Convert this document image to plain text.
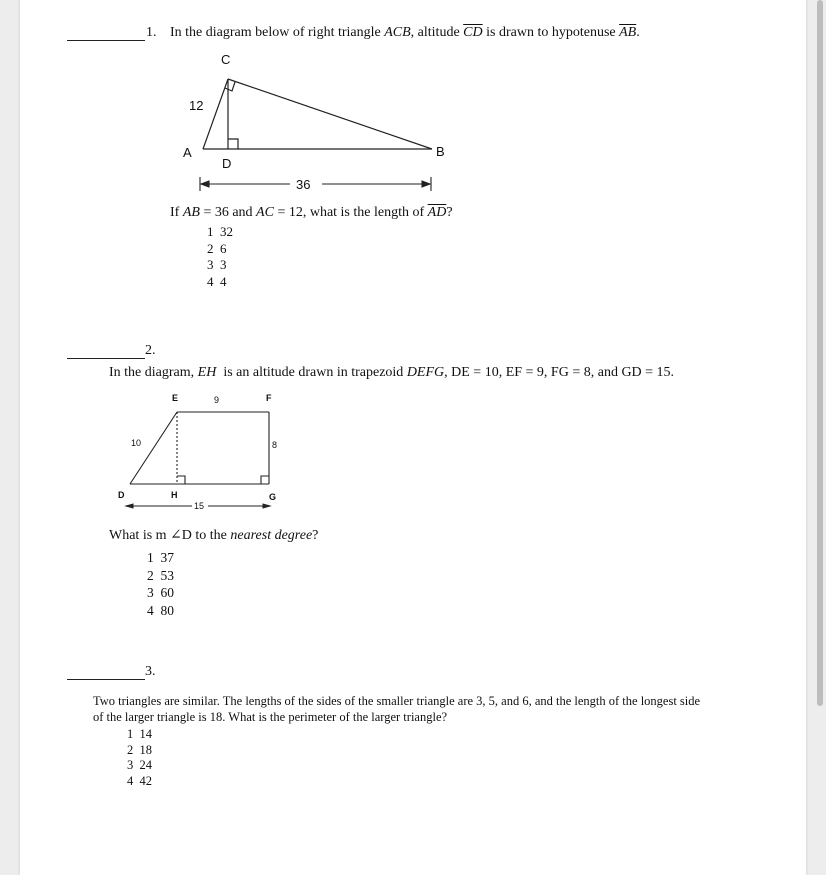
1. In the diagram below of right triangle ACB, altitude $\overline{CD}$ is drawn to hypotenuse $\overline{AB}$.
C
12
A	B
D
36
If AB = 36 and AC = 12, what is the length of $\overline{AD}$?
1  32
2  6
3  3
4  4
2.
In the diagram, EH  is an altitude drawn in trapezoid DEFG, DE = 10, EF = 9, FG = 8, and GD = 15.
E	9	F
10	8
D	H	G
15
What is m ∠D to the nearest degree?
1  37
2  53
3  60
4  80
3.
Two triangles are similar. The lengths of the sides of the smaller triangle are 3, 5, and 6, and the length of the longest side
of the larger triangle is 18. What is the perimeter of the larger triangle?
1  14
2  18
3  24
4  42
